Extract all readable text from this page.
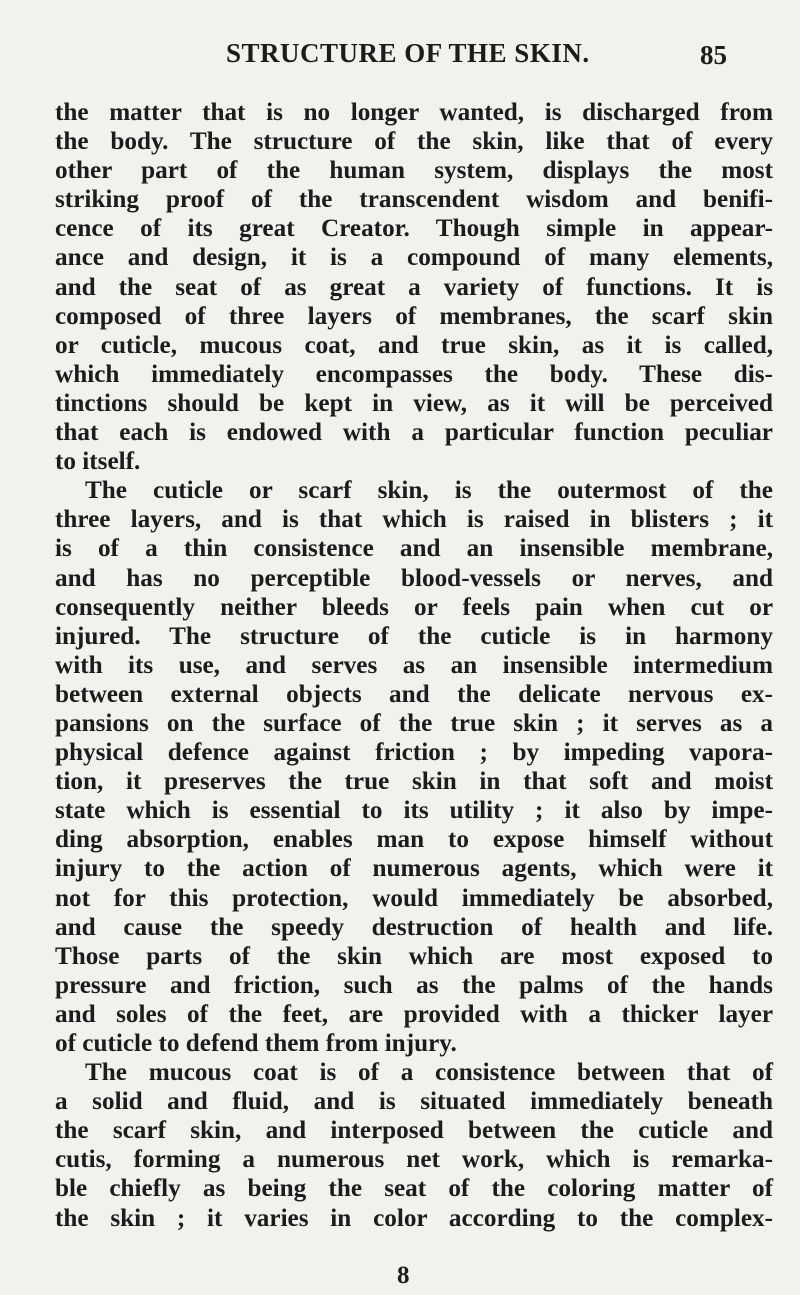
STRUCTURE OF THE SKIN.	85
the matter that is no longer wanted, is discharged from
the body. The structure of the skin, like that of every
other part of the human system, displays the most
striking proof of the transcendent wisdom and benifi-
cence of its great Creator. Though simple in appear-
ance and design, it is a compound of many elements,
and the seat of as great a variety of functions. It is
composed of three layers of membranes, the scarf skin
or cuticle, mucous coat, and true skin, as it is called,
which immediately encompasses the body. These dis-
tinctions should be kept in view, as it will be perceived
that each is endowed with a particular function peculiar
to itself.
The cuticle or scarf skin, is the outermost of the
three layers, and is that which is raised in blisters ; it
is of a thin consistence and an insensible membrane,
and has no perceptible blood-vessels or nerves, and
consequently neither bleeds or feels pain when cut or
injured. The structure of the cuticle is in harmony
with its use, and serves as an insensible intermedium
between external objects and the delicate nervous ex-
pansions on the surface of the true skin ; it serves as a
physical defence against friction ; by impeding vapora-
tion, it preserves the true skin in that soft and moist
state which is essential to its utility ; it also by impe-
ding absorption, enables man to expose himself without
injury to the action of numerous agents, which were it
not for this protection, would immediately be absorbed,
and cause the speedy destruction of health and life.
Those parts of the skin which are most exposed to
pressure and friction, such as the palms of the hands
and soles of the feet, are provided with a thicker layer
of cuticle to defend them from injury.
The mucous coat is of a consistence between that of
a solid and fluid, and is situated immediately beneath
the scarf skin, and interposed between the cuticle and
cutis, forming a numerous net work, which is remarka-
ble chiefly as being the seat of the coloring matter of
the skin ; it varies in color according to the complex-
8
